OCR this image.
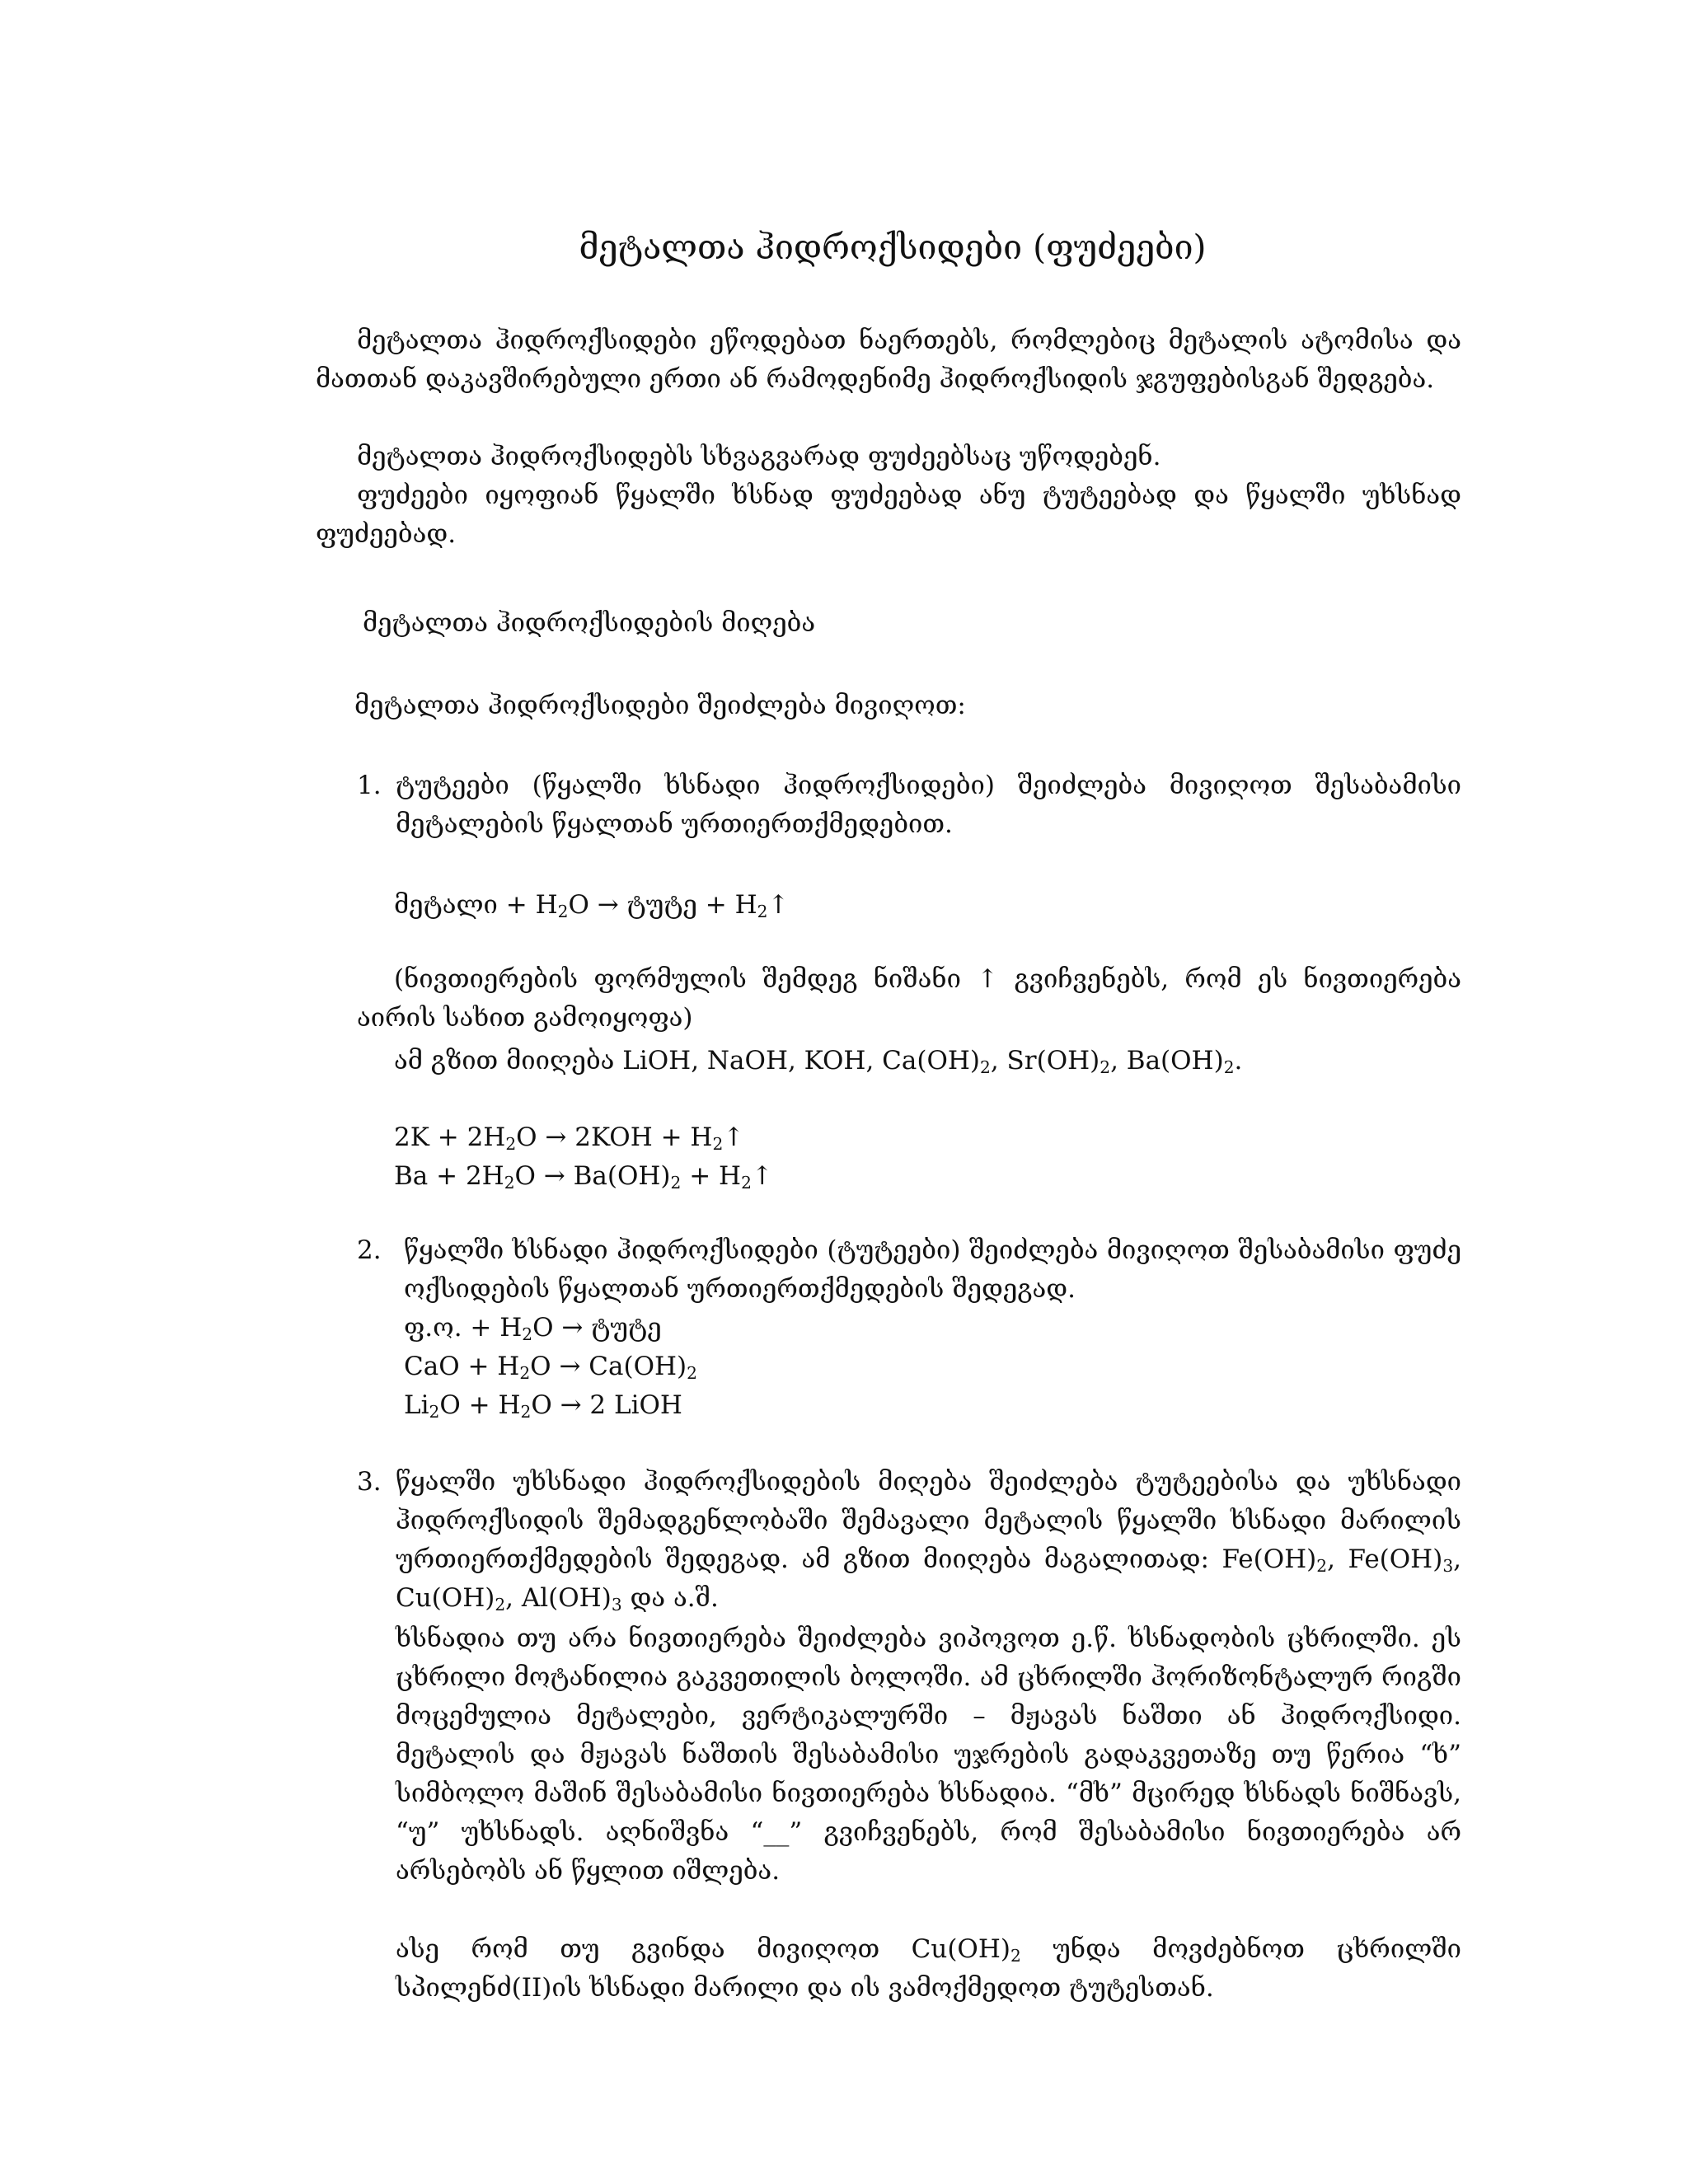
მეტალთა ჰიდროქსიდები (ფუძეები)
მეტალთა ჰიდროქსიდები ეწოდებათ ნაერთებს, რომლებიც მეტალის ატომისა და მათთან დაკავშირებული ერთი ან რამოდენიმე ჰიდროქსიდის ჯგუფებისგან შედგება.
მეტალთა ჰიდროქსიდებს სხვაგვარად ფუძეებსაც უწოდებენ.
ფუძეები იყოფიან წყალში ხსნად ფუძეებად ანუ ტუტეებად და წყალში უხსნად ფუძეებად.
მეტალთა ჰიდროქსიდების მიღება
მეტალთა ჰიდროქსიდები შეიძლება მივიღოთ:
1. ტუტეები (წყალში ხსნადი ჰიდროქსიდები) შეიძლება მივიღოთ შესაბამისი მეტალების წყალთან ურთიერთქმედებით.
მეტალი + $H_2O$ → ტუტე + $H_2↑$
(ნივთიერების ფორმულის შემდეგ ნიშანი ↑ გვიჩვენებს, რომ ეს ნივთიერება აირის სახით გამოიყოფა)
ამ გზით მიიღება LiOH, NaOH, KOH, $Ca(OH)_2$, $Sr(OH)_2$, $Ba(OH)_2$.
$2K + 2H_2O \to 2KOH$ + $H_2↑$
$Ba + 2H_2O \to Ba(OH)_2$ + $H_2↑$
2. წყალში ხსნადი ჰიდროქსიდები (ტუტეები) შეიძლება მივიღოთ შესაბამისი ფუძე ოქსიდების წყალთან ურთიერთქმედების შედეგად.
ფ.ო. + $H_2O$ → ტუტე
CaO + $H_2O \to Ca(OH)_2$
$Li_2O + H_2O \to 2$ LiOH
3. წყალში უხსნადი ჰიდროქსიდების მიღება შეიძლება ტუტეებისა და უხსნადი ჰიდროქსიდის შემადგენლობაში შემავალი მეტალის წყალში ხსნადი მარილის ურთიერთქმედების შედეგად. ამ გზით მიიღება მაგალითად: $Fe(OH)_2$, $Fe(OH)_3$, $Cu(OH)_2$, $Al(OH)_3$ და ა.შ.
ხსნადია თუ არა ნივთიერება შეიძლება ვიპოვოთ ე.წ. ხსნადობის ცხრილში. ეს ცხრილი მოტანილია გაკვეთილის ბოლოში. ამ ცხრილში ჰორიზონტალურ რიგში მოცემულია მეტალები, ვერტიკალურში – მჟავას ნაშთი ან ჰიდროქსიდი. მეტალის და მჟავას ნაშთის შესაბამისი უჯრების გადაკვეთაზე თუ წერია “ხ” სიმბოლო მაშინ შესაბამისი ნივთიერება ხსნადია. “მხ” მცირედ ხსნადს ნიშნავს, “უ” უხსნადს. აღნიშვნა “__” გვიჩვენებს, რომ შესაბამისი ნივთიერება არ არსებობს ან წყლით იშლება.
ასე რომ თუ გვინდა მივიღოთ $Cu(OH)_2$ უნდა მოვძებნოთ ცხრილში სპილენძ(II)ის ხსნადი მარილი და ის ვამოქმედოთ ტუტესთან.
